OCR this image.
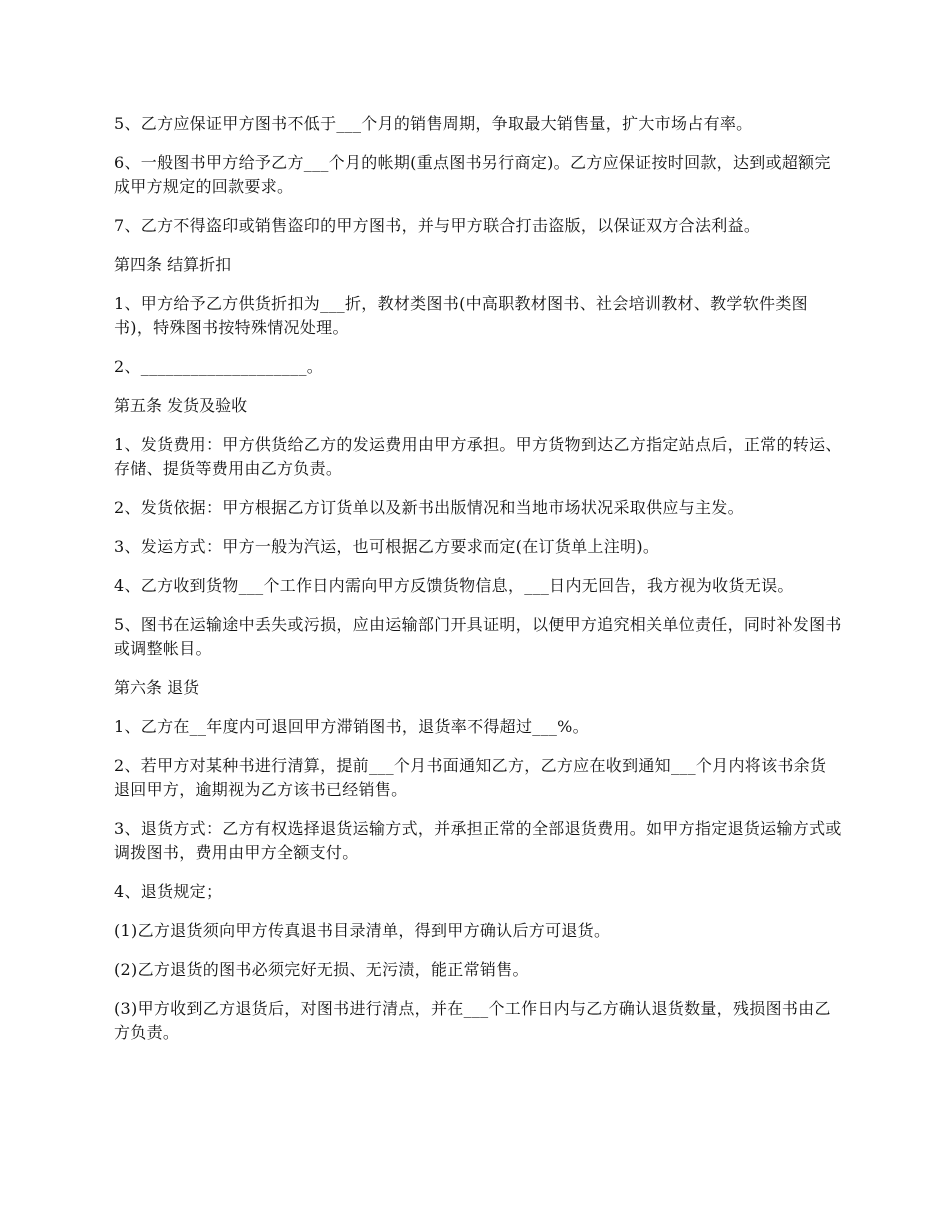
5、乙方应保证甲方图书不低于___个月的销售周期，争取最大销售量，扩大市场占有率。

6、一般图书甲方给予乙方___个月的帐期(重点图书另行商定)。乙方应保证按时回款，达到或超额完成甲方规定的回款要求。

7、乙方不得盗印或销售盗印的甲方图书，并与甲方联合打击盗版，以保证双方合法利益。

第四条 结算折扣

1、甲方给予乙方供货折扣为___折，教材类图书(中高职教材图书、社会培训教材、教学软件类图书)，特殊图书按特殊情况处理。

2、____________________。

第五条 发货及验收

1、发货费用：甲方供货给乙方的发运费用由甲方承担。甲方货物到达乙方指定站点后，正常的转运、存储、提货等费用由乙方负责。

2、发货依据：甲方根据乙方订货单以及新书出版情况和当地市场状况采取供应与主发。

3、发运方式：甲方一般为汽运，也可根据乙方要求而定(在订货单上注明)。

4、乙方收到货物___个工作日内需向甲方反馈货物信息，___日内无回告，我方视为收货无误。

5、图书在运输途中丢失或污损，应由运输部门开具证明，以便甲方追究相关单位责任，同时补发图书或调整帐目。

第六条 退货

1、乙方在__年度内可退回甲方滞销图书，退货率不得超过___%。

2、若甲方对某种书进行清算，提前___个月书面通知乙方，乙方应在收到通知___个月内将该书余货退回甲方，逾期视为乙方该书已经销售。

3、退货方式：乙方有权选择退货运输方式，并承担正常的全部退货费用。如甲方指定退货运输方式或调拨图书，费用由甲方全额支付。

4、退货规定；

(1)乙方退货须向甲方传真退书目录清单，得到甲方确认后方可退货。

(2)乙方退货的图书必须完好无损、无污渍，能正常销售。

(3)甲方收到乙方退货后，对图书进行清点，并在___个工作日内与乙方确认退货数量，残损图书由乙方负责。
